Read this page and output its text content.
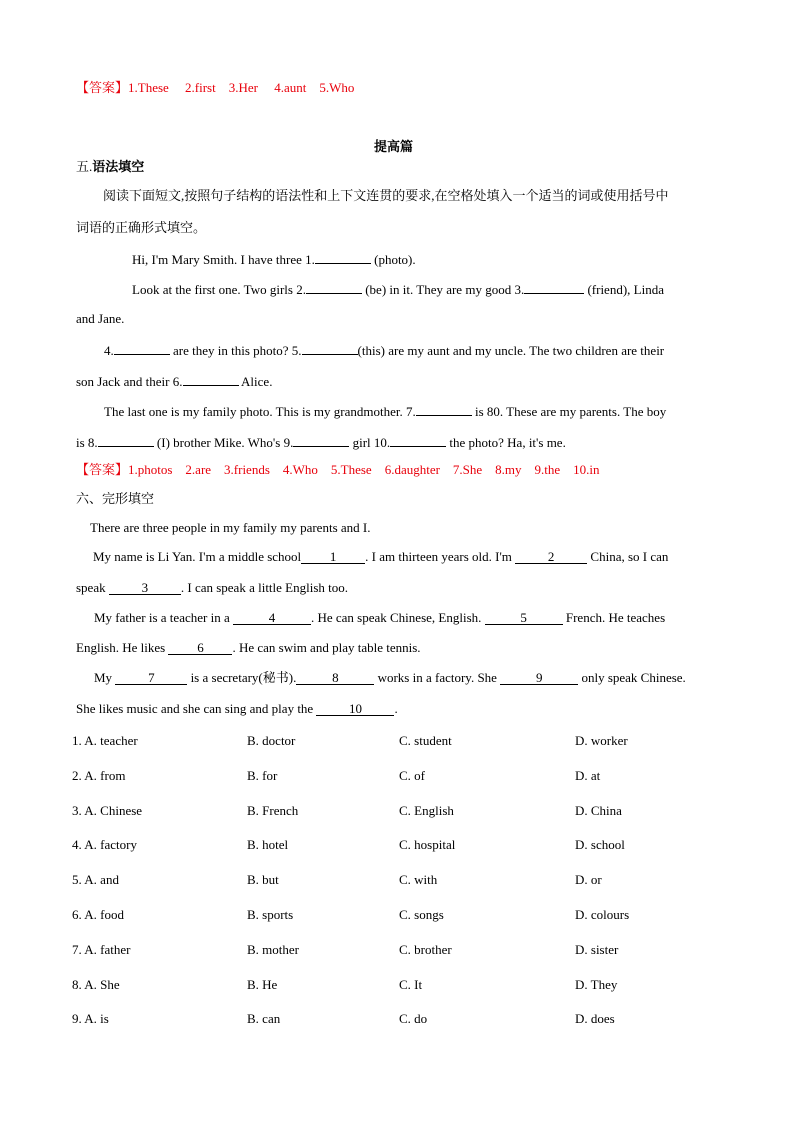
【答案】1.These 　2.first　3.Her 　4.aunt　5.Who
提高篇
五.语法填空
阅读下面短文,按照句子结构的语法性和上下文连贯的要求,在空格处填入一个适当的词或使用括号中
词语的正确形式填空。
Hi, I'm Mary Smith. I have three 1.	(photo).
Look at the first one. Two girls 2.	(be) in it. They are my good 3.	(friend), Linda
and Jane.
4.	are they in this photo? 5.	(this) are my aunt and my uncle. The two children are their
son Jack and their 6.	Alice.
The last one is my family photo. This is my grandmother. 7.	is 80. These are my parents. The boy
is 8.	(I) brother Mike. Who's 9.	girl 10.	the photo? Ha, it's me.
【答案】1.photos　2.are　3.friends　4.Who　5.These　6.daughter　7.She　8.my　9.the　10.in
六、完形填空
There are three people in my family my parents and I.
My name is Li Yan. I'm a middle school 1 . I am thirteen years old. I'm	2	China, so I can
speak	3	. I can speak a little English too.
My father is a teacher in a	4	. He can speak Chinese, English.	5	French. He teaches
English. He likes 6 . He can swim and play table tennis.
My	7	is a secretary(秘书).	8	works in a factory. She	9	only speak Chinese.
She likes music and she can sing and play the	10	.
1. A. teacher	B. doctor	C. student	D. worker
2. A. from	B. for	C. of	D. at
3. A. Chinese	B. French	C. English	D. China
4. A. factory	B. hotel	C. hospital	D. school
5. A. and	B. but	C. with	D. or
6. A. food	B. sports	C. songs	D. colours
7. A. father	B. mother	C. brother	D. sister
8. A. She	B. He	C. It	D. They
9. A. is	B. can	C. do	D. does
